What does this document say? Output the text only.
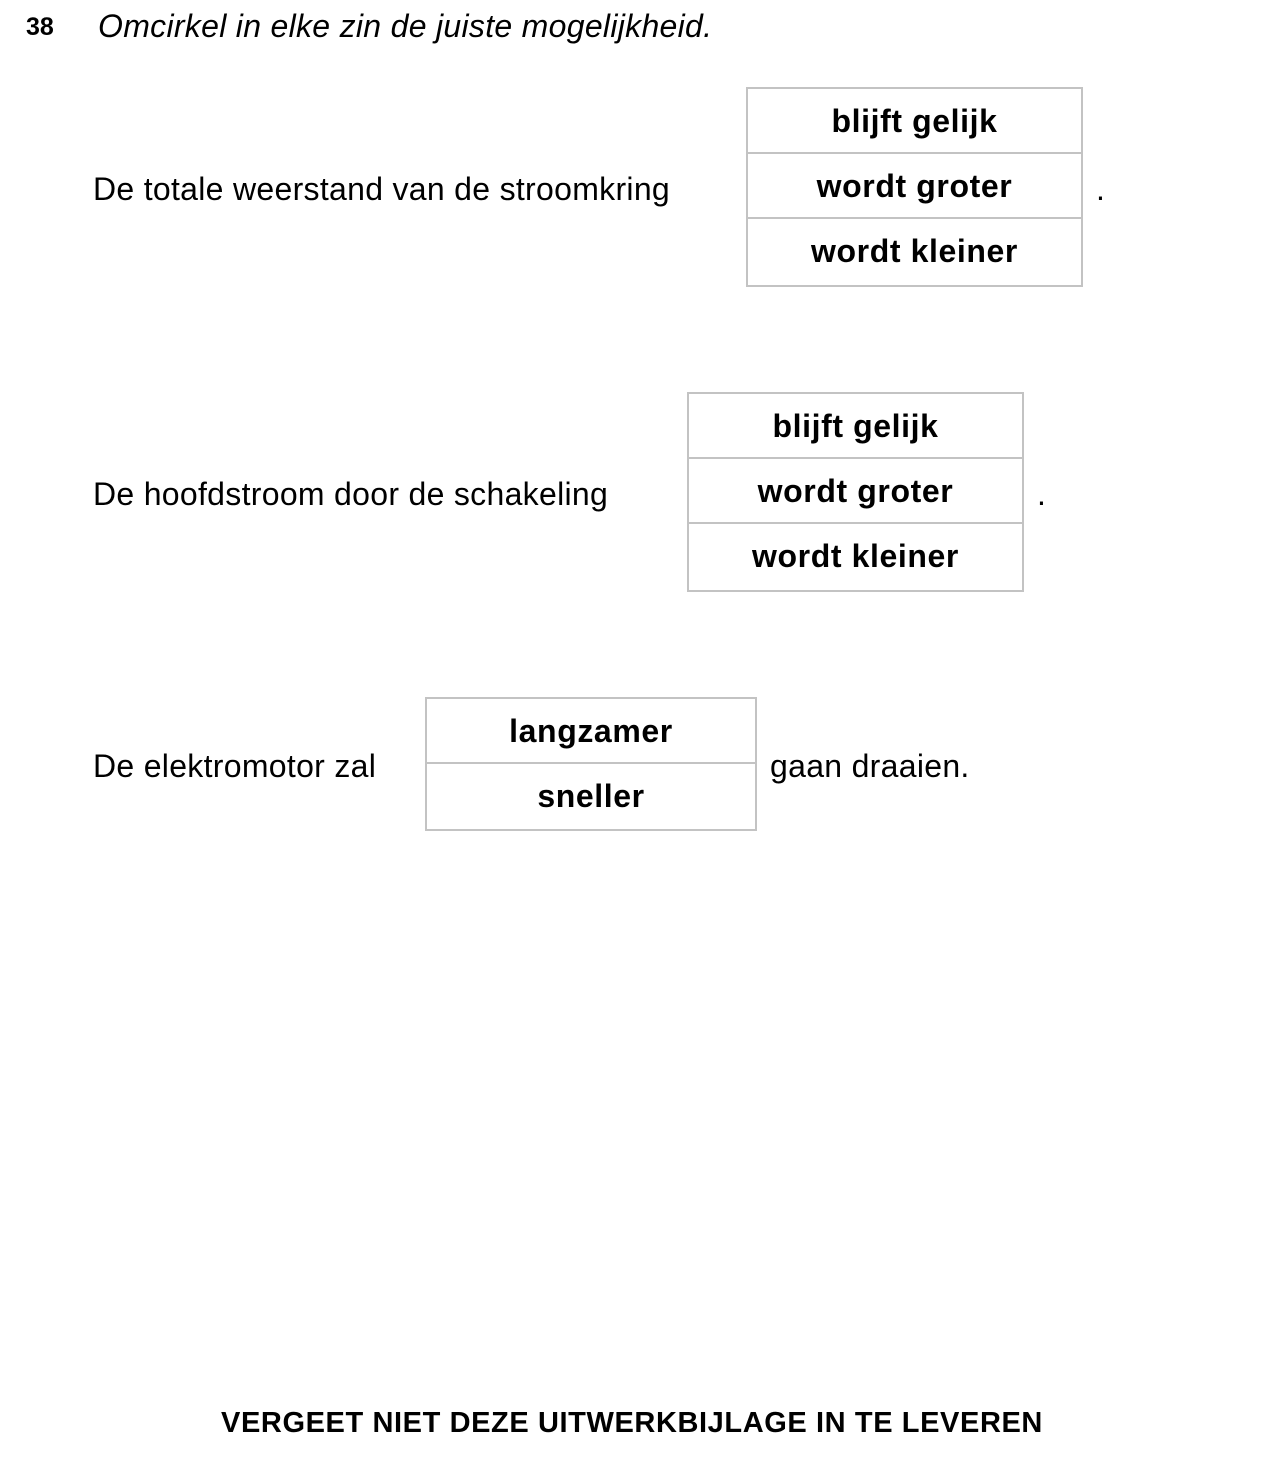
38 Omcirkel in elke zin de juiste mogelijkheid.
De totale weerstand van de stroomkring
blijft gelijk
wordt groter
wordt kleiner
.
De hoofdstroom door de schakeling
blijft gelijk
wordt groter
wordt kleiner
.
De elektromotor zal
langzamer
sneller
gaan draaien.
VERGEET NIET DEZE UITWERKBIJLAGE IN TE LEVEREN
